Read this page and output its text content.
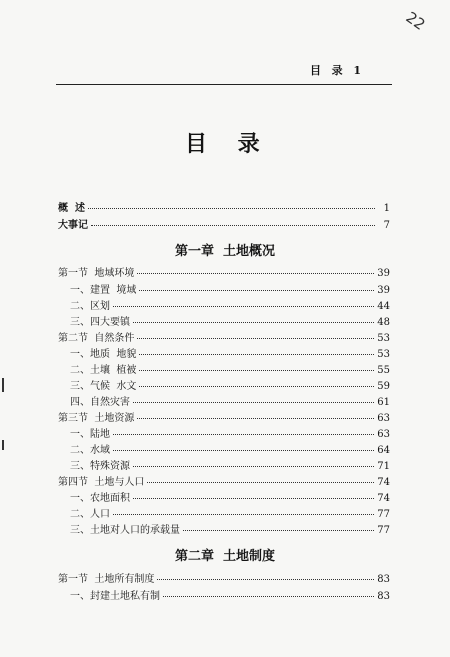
22
目  录  1
目    录
概  述	1
大事记	7
第一章  土地概况
第一节  地域环境	39
一、建置  境域	39
二、区划	44
三、四大要镇	48
第二节  自然条件	53
一、地质  地貌	53
二、土壤  植被	55
三、气候  水文	59
四、自然灾害	61
第三节  土地资源	63
一、陆地	63
二、水域	64
三、特殊资源	71
第四节  土地与人口	74
一、农地面积	74
二、人口	77
三、土地对人口的承载量	77
第二章  土地制度
第一节  土地所有制度	83
一、封建土地私有制	83
